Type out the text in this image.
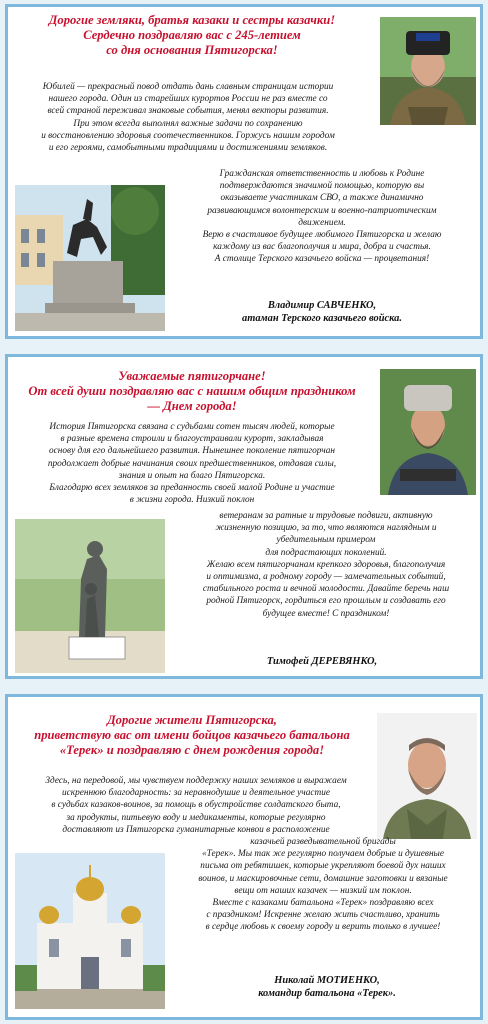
Дорогие земляки, братья казаки и сестры казачки!
Сердечно поздравляю вас с 245-летием
со дня основания Пятигорска!
Юбилей — прекрасный повод отдать дань славным страницам истории
нашего города. Один из старейших курортов России не раз вместе со
всей страной переживал знаковые события, менял векторы развития.
При этом всегда выполнял важные задачи по сохранению
и восстановлению здоровья соотечественников. Горжусь нашим городом
и его героями, самобытными традициями и достижениями земляков.
Гражданская ответственность и любовь к Родине
подтверждаются значимой помощью, которую вы
оказываете участникам СВО, а также динамично
развивающимся волонтерским и военно-патриотическим
движением.
Верю в счастливое будущее любимого Пятигорска и желаю
каждому из вас благополучия и мира, добра и счастья.
А столице Терского казачьего войска — процветания!
Владимир САВЧЕНКО,
атаман Терского казачьего войска.
Уважаемые пятигорчане!
От всей души поздравляю вас с нашим общим праздником
— Днем города!
История Пятигорска связана с судьбами сотен тысяч людей, которые
в разные времена строили и благоустраивали курорт, закладывая
основу для его дальнейшего развития. Нынешнее поколение пятигорчан
продолжает добрые начинания своих предшественников, отдавая силы,
знания и опыт на благо Пятигорска.
Благодарю всех земляков за преданность своей малой Родине и участие
в жизни города. Низкий поклон
ветеранам за ратные и трудовые подвиги, активную
жизненную позицию, за то, что являются наглядным и
убедительным примером
для подрастающих поколений.
Желаю всем пятигорчанам крепкого здоровья, благополучия
и оптимизма, а родному городу — замечательных событий,
стабильного роста и вечной молодости. Давайте беречь наш
родной Пятигорск, гордиться его прошлым и создавать его
будущее вместе! С праздником!
Тимофей ДЕРЕВЯНКО,
Дорогие жители Пятигорска,
приветствую вас от имени бойцов казачьего батальона
«Терек» и поздравляю с днем рождения города!
Здесь, на передовой, мы чувствуем поддержку наших земляков и выражаем
искреннюю благодарность: за неравнодушие и деятельное участие
в судьбах казаков-воинов, за помощь в обустройстве солдатского быта,
за продукты, питьевую воду и медикаменты, которые регулярно
доставляют из Пятигорска гуманитарные конвои в расположение
казачьей разведывательной бригады
«Терек». Мы так же регулярно получаем добрые и душевные
письма от ребятишек, которые укрепляют боевой дух наших
воинов, и маскировочные сети, домашние заготовки и вязаные
вещи от наших казачек — низкий им поклон.
Вместе с казаками батальона «Терек» поздравляю всех
с праздником! Искренне желаю жить счастливо, хранить
в сердце любовь к своему городу и верить только в лучшее!
Николай МОТИЕНКО,
командир батальона «Терек».
